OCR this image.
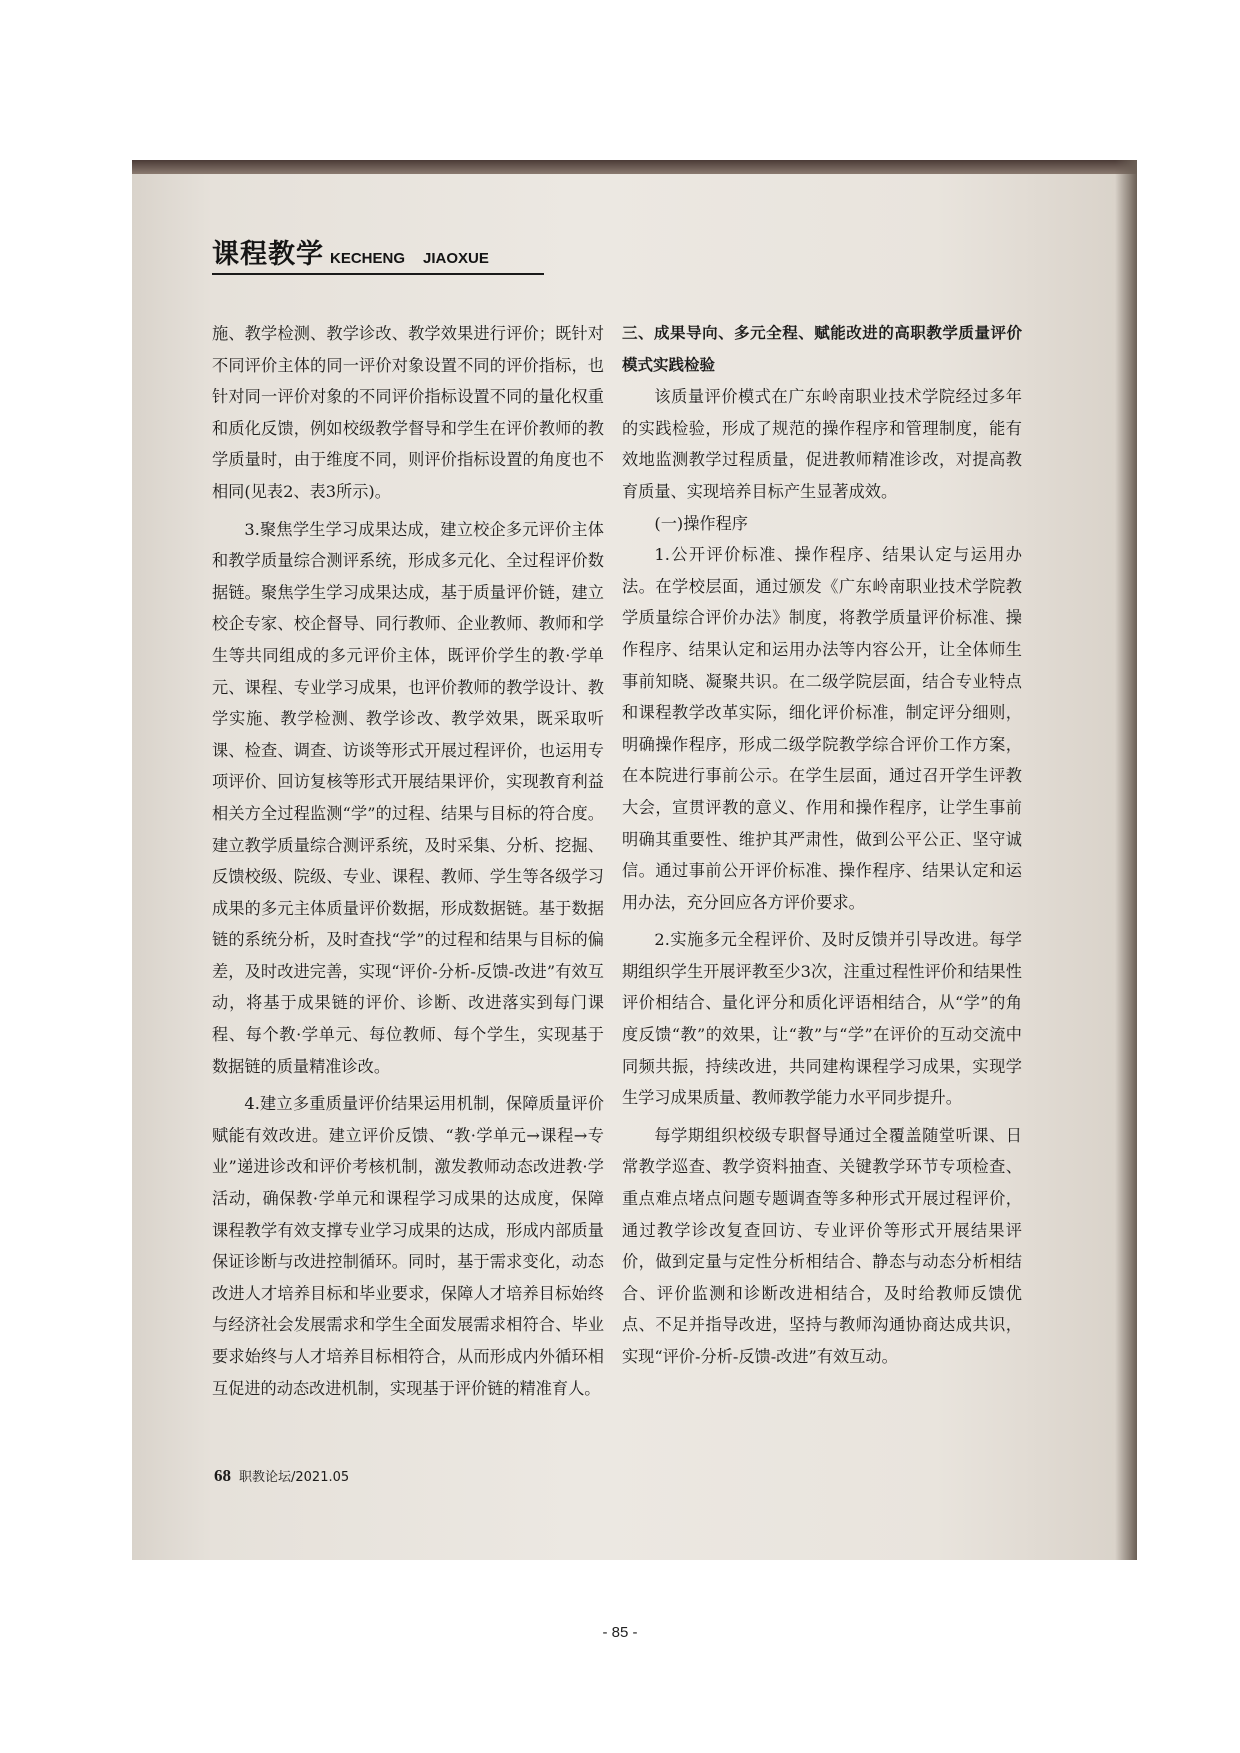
课程教学 KECHENG JIAOXUE

施、教学检测、教学诊改、教学效果进行评价；既针对不同评价主体的同一评价对象设置不同的评价指标，也针对同一评价对象的不同评价指标设置不同的量化权重和质化反馈，例如校级教学督导和学生在评价教师的教学质量时，由于维度不同，则评价指标设置的角度也不相同(见表2、表3所示)。

3.聚焦学生学习成果达成，建立校企多元评价主体和教学质量综合测评系统，形成多元化、全过程评价数据链。聚焦学生学习成果达成，基于质量评价链，建立校企专家、校企督导、同行教师、企业教师、教师和学生等共同组成的多元评价主体，既评价学生的教·学单元、课程、专业学习成果，也评价教师的教学设计、教学实施、教学检测、教学诊改、教学效果，既采取听课、检查、调查、访谈等形式开展过程评价，也运用专项评价、回访复核等形式开展结果评价，实现教育利益相关方全过程监测“学”的过程、结果与目标的符合度。建立教学质量综合测评系统，及时采集、分析、挖掘、反馈校级、院级、专业、课程、教师、学生等各级学习成果的多元主体质量评价数据，形成数据链。基于数据链的系统分析，及时查找“学”的过程和结果与目标的偏差，及时改进完善，实现“评价-分析-反馈-改进”有效互动，将基于成果链的评价、诊断、改进落实到每门课程、每个教·学单元、每位教师、每个学生，实现基于数据链的质量精准诊改。

4.建立多重质量评价结果运用机制，保障质量评价赋能有效改进。建立评价反馈、“教·学单元→课程→专业”递进诊改和评价考核机制，激发教师动态改进教·学活动，确保教·学单元和课程学习成果的达成度，保障课程教学有效支撑专业学习成果的达成，形成内部质量保证诊断与改进控制循环。同时，基于需求变化，动态改进人才培养目标和毕业要求，保障人才培养目标始终与经济社会发展需求和学生全面发展需求相符合、毕业要求始终与人才培养目标相符合，从而形成内外循环相互促进的动态改进机制，实现基于评价链的精准育人。

三、成果导向、多元全程、赋能改进的高职教学质量评价模式实践检验

该质量评价模式在广东岭南职业技术学院经过多年的实践检验，形成了规范的操作程序和管理制度，能有效地监测教学过程质量，促进教师精准诊改，对提高教育质量、实现培养目标产生显著成效。

(一)操作程序

1.公开评价标准、操作程序、结果认定与运用办法。在学校层面，通过颁发《广东岭南职业技术学院教学质量综合评价办法》制度，将教学质量评价标准、操作程序、结果认定和运用办法等内容公开，让全体师生事前知晓、凝聚共识。在二级学院层面，结合专业特点和课程教学改革实际，细化评价标准，制定评分细则，明确操作程序，形成二级学院教学综合评价工作方案，在本院进行事前公示。在学生层面，通过召开学生评教大会，宣贯评教的意义、作用和操作程序，让学生事前明确其重要性、维护其严肃性，做到公平公正、坚守诚信。通过事前公开评价标准、操作程序、结果认定和运用办法，充分回应各方评价要求。

2.实施多元全程评价、及时反馈并引导改进。每学期组织学生开展评教至少3次，注重过程性评价和结果性评价相结合、量化评分和质化评语相结合，从“学”的角度反馈“教”的效果，让“教”与“学”在评价的互动交流中同频共振，持续改进，共同建构课程学习成果，实现学生学习成果质量、教师教学能力水平同步提升。

每学期组织校级专职督导通过全覆盖随堂听课、日常教学巡查、教学资料抽查、关键教学环节专项检查、重点难点堵点问题专题调查等多种形式开展过程评价，通过教学诊改复查回访、专业评价等形式开展结果评价，做到定量与定性分析相结合、静态与动态分析相结合、评价监测和诊断改进相结合，及时给教师反馈优点、不足并指导改进，坚持与教师沟通协商达成共识，实现“评价-分析-反馈-改进”有效互动。

68 职教论坛/2021.05
- 85 -
